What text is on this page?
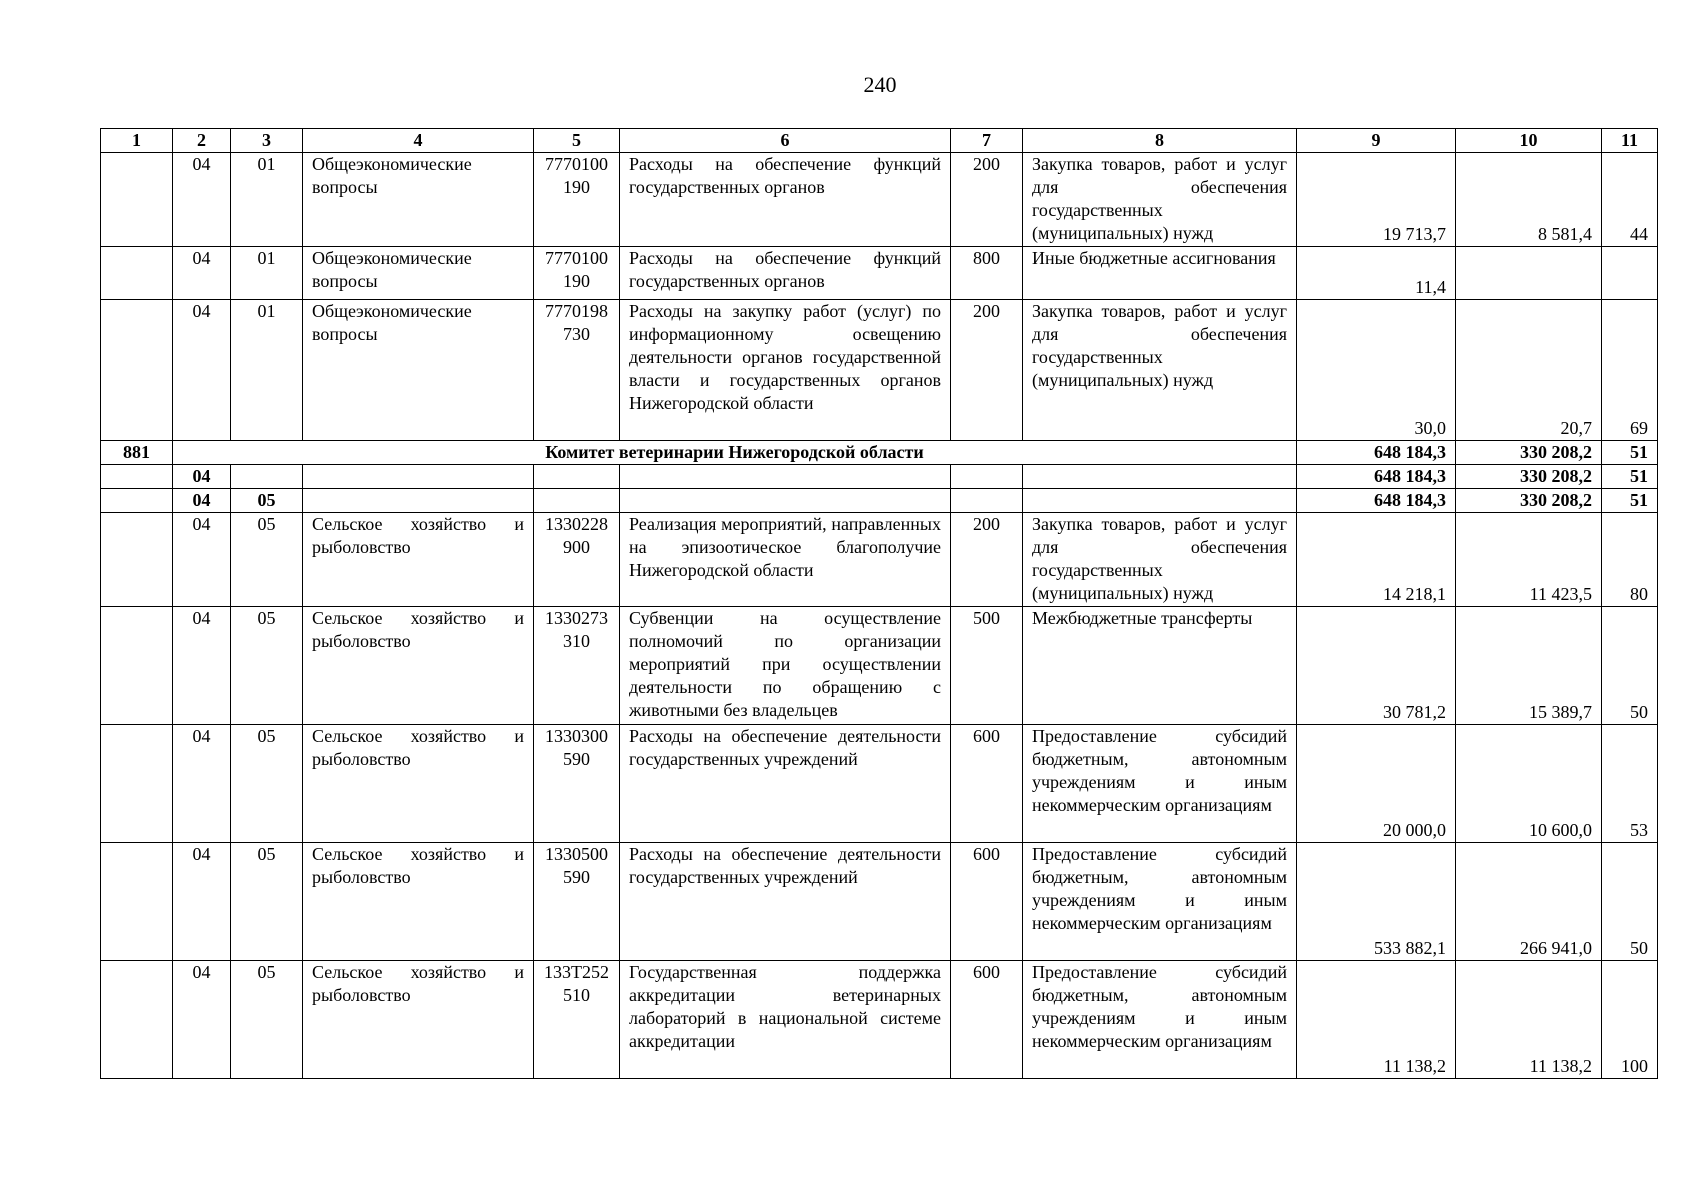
240
1	2	3	4	5	6	7	8	9	10	11
	04	01	Общеэкономические вопросы	7770100190	Расходы на обеспечение функций государственных органов	200	Закупка товаров, работ и услуг для обеспечения государственных (муниципальных) нужд	19 713,7	8 581,4	44
	04	01	Общеэкономические вопросы	7770100190	Расходы на обеспечение функций государственных органов	800	Иные бюджетные ассигнования	11,4		
	04	01	Общеэкономические вопросы	7770198730	Расходы на закупку работ (услуг) по информационному освещению деятельности органов государственной власти и государственных органов Нижегородской области	200	Закупка товаров, работ и услуг для обеспечения государственных (муниципальных) нужд	30,0	20,7	69
881	Комитет ветеринарии Нижегородской области							648 184,3	330 208,2	51
	04							648 184,3	330 208,2	51
	04	05						648 184,3	330 208,2	51
	04	05	Сельское хозяйство и рыболовство	1330228900	Реализация мероприятий, направленных на эпизоотическое благополучие Нижегородской области	200	Закупка товаров, работ и услуг для обеспечения государственных (муниципальных) нужд	14 218,1	11 423,5	80
	04	05	Сельское хозяйство и рыболовство	1330273310	Субвенции на осуществление полномочий по организации мероприятий при осуществлении деятельности по обращению с животными без владельцев	500	Межбюджетные трансферты	30 781,2	15 389,7	50
	04	05	Сельское хозяйство и рыболовство	1330300590	Расходы на обеспечение деятельности государственных учреждений	600	Предоставление субсидий бюджетным, автономным учреждениям и иным некоммерческим организациям	20 000,0	10 600,0	53
	04	05	Сельское хозяйство и рыболовство	1330500590	Расходы на обеспечение деятельности государственных учреждений	600	Предоставление субсидий бюджетным, автономным учреждениям и иным некоммерческим организациям	533 882,1	266 941,0	50
	04	05	Сельское хозяйство и рыболовство	133T252510	Государственная поддержка аккредитации ветеринарных лабораторий в национальной системе аккредитации	600	Предоставление субсидий бюджетным, автономным учреждениям и иным некоммерческим организациям	11 138,2	11 138,2	100
